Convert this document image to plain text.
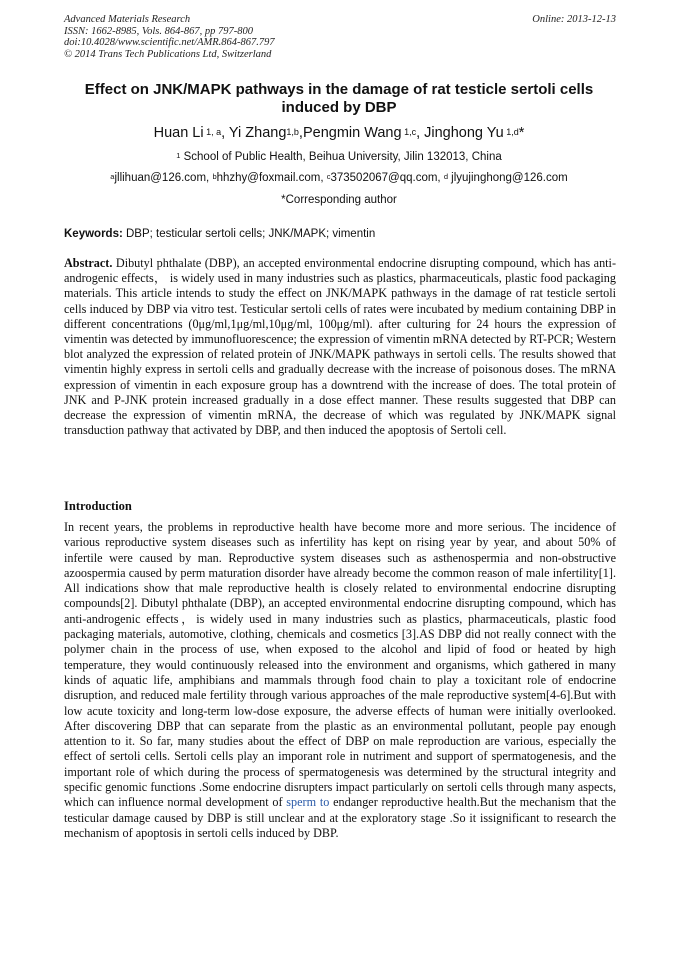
Advanced Materials Research
ISSN: 1662-8985, Vols. 864-867, pp 797-800
doi:10.4028/www.scientific.net/AMR.864-867.797
© 2014 Trans Tech Publications Ltd, Switzerland
Online: 2013-12-13
Effect on JNK/MAPK pathways in the damage of rat testicle sertoli cells induced by DBP
Huan Li $^{1, a}$, Yi Zhang$^{1,b}$,Pengmin Wang $^{1,c}$, Jinghong Yu $^{1,d}$*
$^1$ School of Public Health, Beihua University, Jilin 132013, China
$^a$jllihuan@126.com, $^b$hhzhy@foxmail.com, $^c$373502067@qq.com, $^d$ jlyujinghong@126.com
*Corresponding author
Keywords: DBP; testicular sertoli cells; JNK/MAPK; vimentin

Abstract. Dibutyl phthalate (DBP), an accepted environmental endocrine disrupting compound, which has anti-androgenic effects， is widely used in many industries such as plastics, pharmaceuticals, plastic food packaging materials. This article intends to study the effect on JNK/MAPK pathways in the damage of rat testicle sertoli cells induced by DBP via vitro test. Testicular sertoli cells of rates were incubated by medium containing DBP in different concentrations (0μg/ml,1μg/ml,10μg/ml, 100μg/ml). after culturing for 24 hours the expression of vimentin was detected by immunofluorescence; the expression of vimentin mRNA detected by RT-PCR; Western blot analyzed the expression of related protein of JNK/MAPK pathways in sertoli cells. The results showed that vimentin highly express in sertoli cells and gradually decrease with the increase of poisonous doses. The mRNA expression of vimentin in each exposure group has a downtrend with the increase of does. The total protein of JNK and P-JNK protein increased gradually in a dose effect manner. These results suggested that DBP can decrease the expression of vimentin mRNA, the decrease of which was regulated by JNK/MAPK signal transduction pathway that activated by DBP, and then induced the apoptosis of Sertoli cell.

Introduction

In recent years, the problems in reproductive health have become more and more serious. The incidence of various reproductive system diseases such as infertility has kept on rising year by year, and about 50% of infertile were caused by man. Reproductive system diseases such as asthenospermia and non-obstructive azoospermia caused by perm maturation disorder have already become the common reason of male infertility[1]. All indications show that male reproductive health is closely related to environmental endocrine disrupting compounds[2]. Dibutyl phthalate (DBP), an accepted environmental endocrine disrupting compound, which has anti-androgenic effects，is widely used in many industries such as plastics, pharmaceuticals, plastic food packaging materials, automotive, clothing, chemicals and cosmetics [3].AS DBP did not really connect with the polymer chain in the process of use, when exposed to the alcohol and lipid of food or heated by high temperature, they would continuously released into the environment and organisms, which gathered in many kinds of aquatic life, amphibians and mammals through food chain to play a toxicitant role of endocrine disruption, and reduced male fertility through various approaches of the male reproductive system[4-6].But with low acute toxicity and long-term low-dose exposure, the adverse effects of human were initially overlooked. After discovering DBP that can separate from the plastic as an environmental pollutant, people pay enough attention to it. So far, many studies about the effect of DBP on male reproduction are various, especially the effect of sertoli cells. Sertoli cells play an imporant role in nutriment and support of spermatogenesis, and the important role of which during the process of spermatogenesis was determined by the structural integrity and specific genomic functions .Some endocrine disrupters impact particularly on sertoli cells through many aspects, which can influence normal development of sperm to endanger reproductive health.But the mechanism that the testicular damage caused by DBP is still unclear and at the exploratory stage .So it issignificant to research the mechanism of apoptosis in sertoli cells induced by DBP.
